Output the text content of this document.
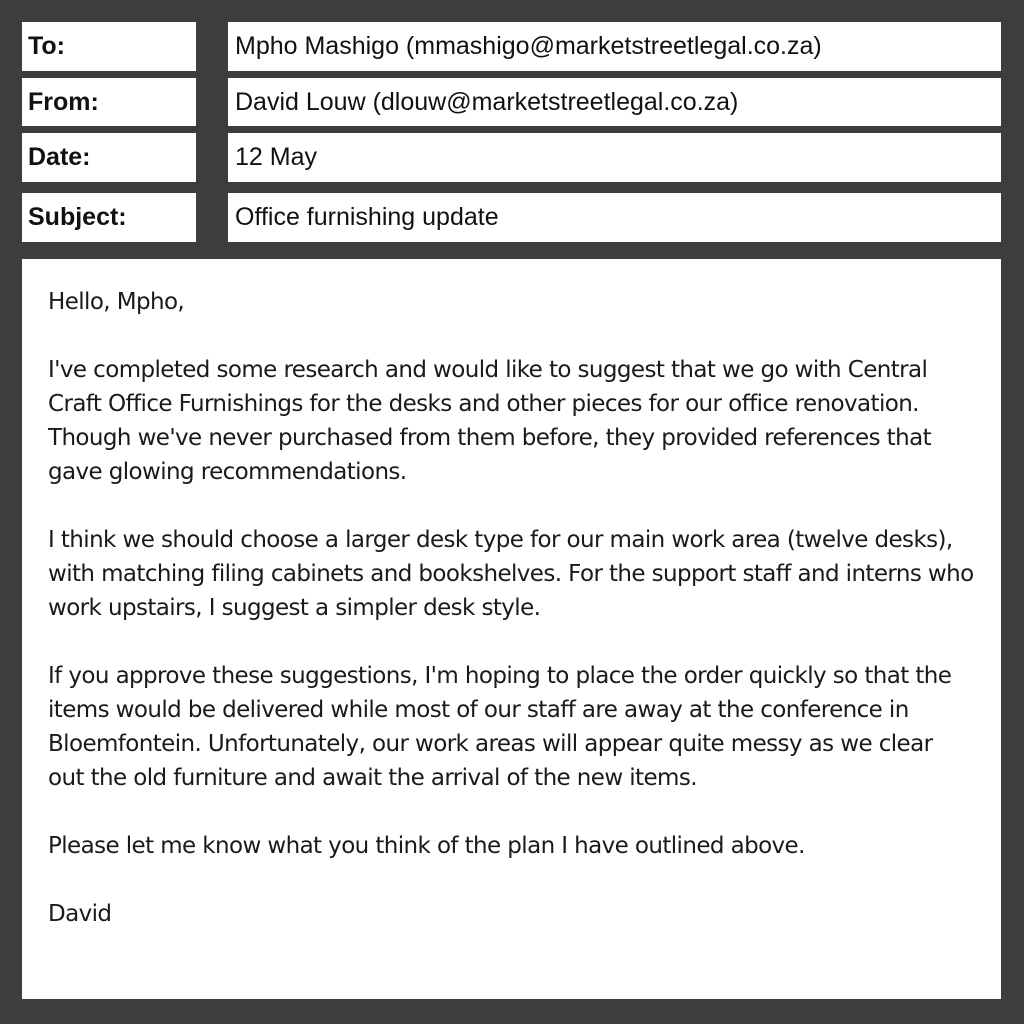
To:	Mpho Mashigo (mmashigo@marketstreetlegal.co.za)
From:	David Louw (dlouw@marketstreetlegal.co.za)
Date:	12 May
Subject:	Office furnishing update

Hello, Mpho,

I've completed some research and would like to suggest that we go with Central Craft Office Furnishings for the desks and other pieces for our office renovation. Though we've never purchased from them before, they provided references that gave glowing recommendations.

I think we should choose a larger desk type for our main work area (twelve desks), with matching filing cabinets and bookshelves. For the support staff and interns who work upstairs, I suggest a simpler desk style.

If you approve these suggestions, I'm hoping to place the order quickly so that the items would be delivered while most of our staff are away at the conference in Bloemfontein. Unfortunately, our work areas will appear quite messy as we clear out the old furniture and await the arrival of the new items.

Please let me know what you think of the plan I have outlined above.

David
